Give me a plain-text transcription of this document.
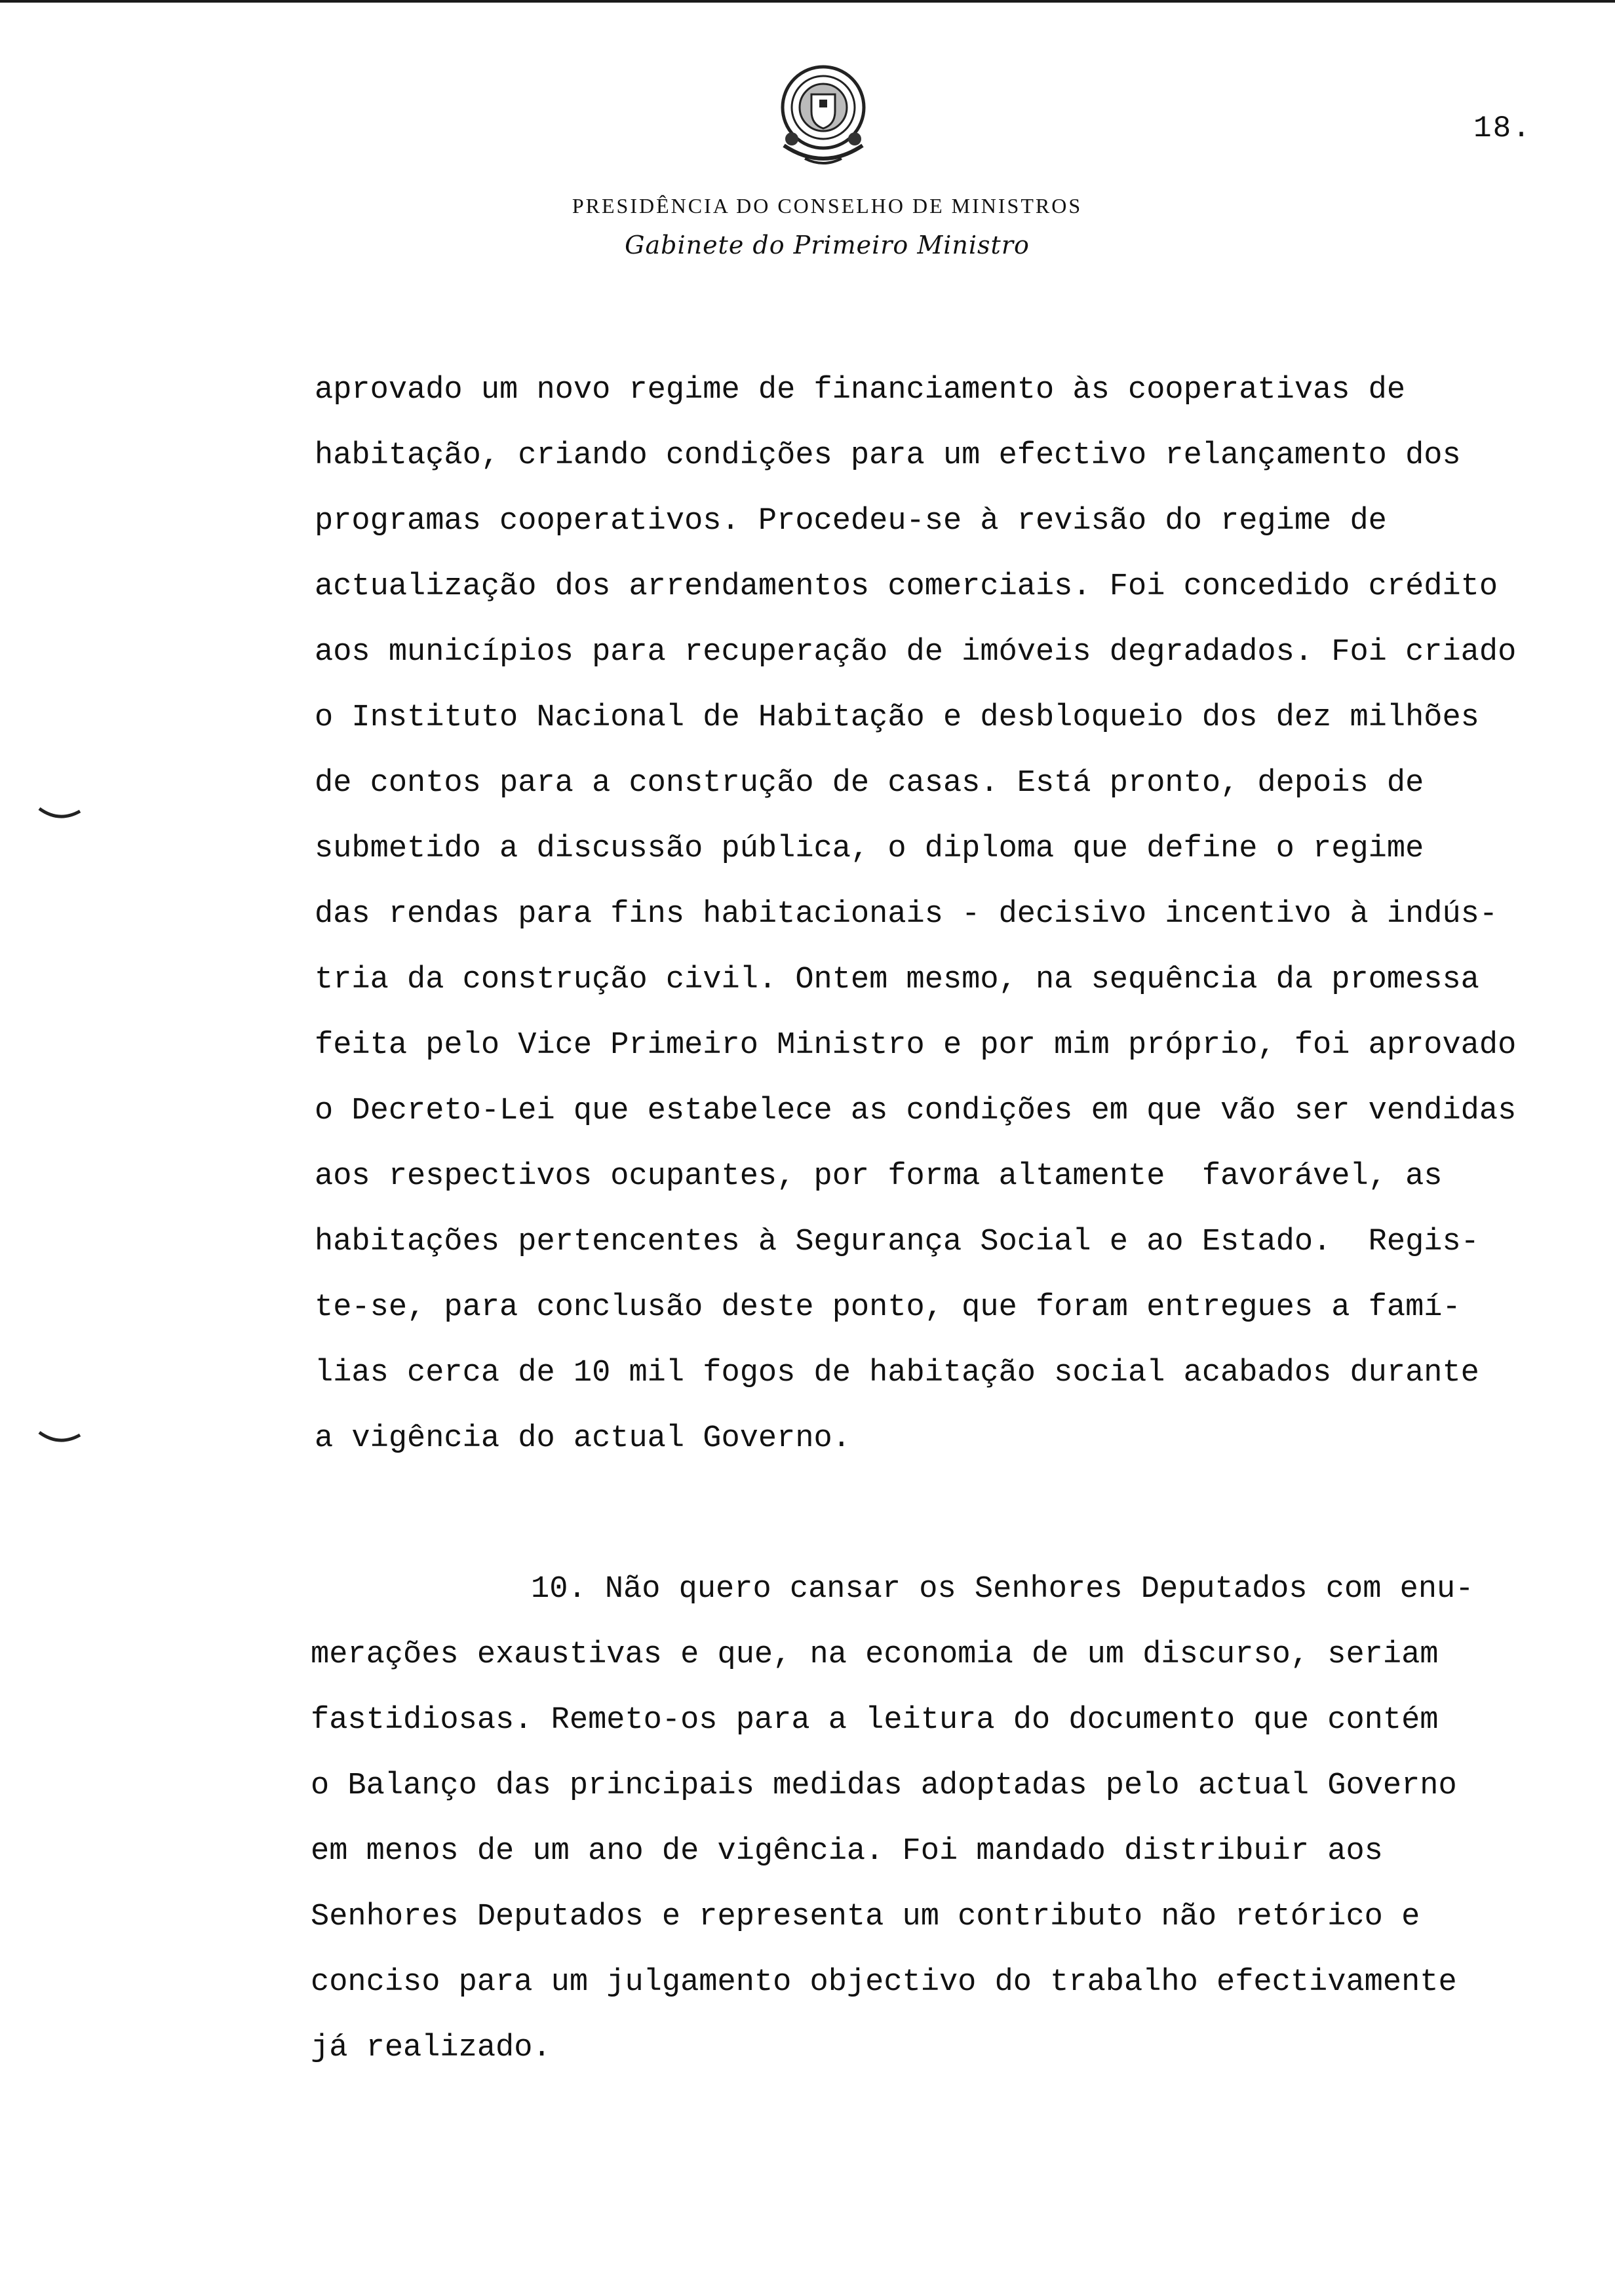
18.
PRESIDÊNCIA DO CONSELHO DE MINISTROS
Gabinete do Primeiro Ministro

aprovado um novo regime de financiamento às cooperativas de

habitação, criando condições para um efectivo relançamento dos

programas cooperativos. Procedeu-se à revisão do regime de

actualização dos arrendamentos comerciais. Foi concedido crédito

aos municípios para recuperação de imóveis degradados. Foi criado

o Instituto Nacional de Habitação e desbloqueio dos dez milhões

de contos para a construção de casas. Está pronto, depois de

submetido a discussão pública, o diploma que define o regime

das rendas para fins habitacionais - decisivo incentivo à indús-

tria da construção civil. Ontem mesmo, na sequência da promessa

feita pelo Vice Primeiro Ministro e por mim próprio, foi aprovado

o Decreto-Lei que estabelece as condições em que vão ser vendidas

aos respectivos ocupantes, por forma altamente  favorável, as

habitações pertencentes à Segurança Social e ao Estado.  Regis-

te-se, para conclusão deste ponto, que foram entregues a famí-

lias cerca de 10 mil fogos de habitação social acabados durante

a vigência do actual Governo.

10. Não quero cansar os Senhores Deputados com enu-

merações exaustivas e que, na economia de um discurso, seriam

fastidiosas. Remeto-os para a leitura do documento que contém

o Balanço das principais medidas adoptadas pelo actual Governo

em menos de um ano de vigência. Foi mandado distribuir aos

Senhores Deputados e representa um contributo não retórico e

conciso para um julgamento objectivo do trabalho efectivamente

já realizado.
